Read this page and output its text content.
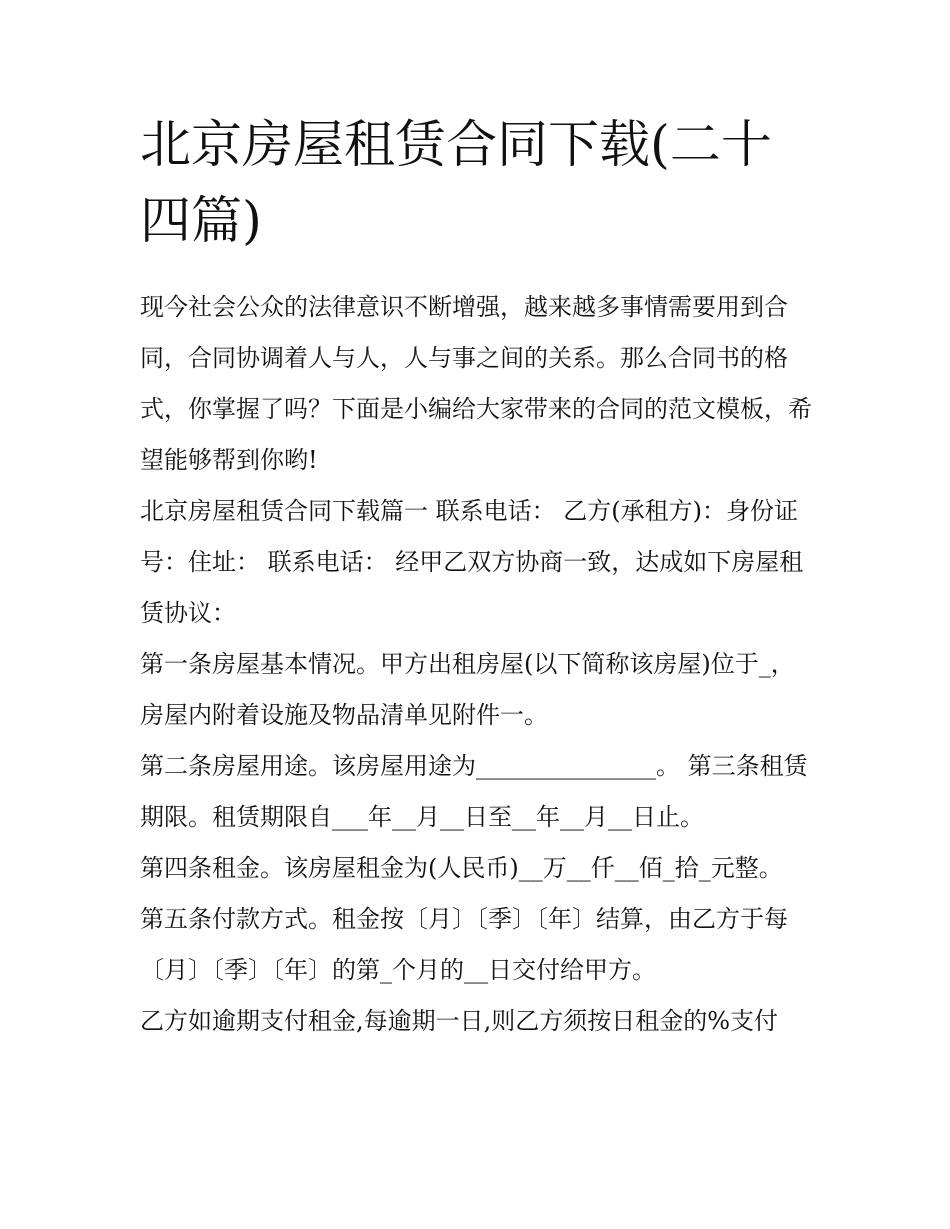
北京房屋租赁合同下载(二十四篇)

现今社会公众的法律意识不断增强，越来越多事情需要用到合同，合同协调着人与人，人与事之间的关系。那么合同书的格式，你掌握了吗？下面是小编给大家带来的合同的范文模板，希望能够帮到你哟!

北京房屋租赁合同下载篇一 联系电话： 乙方(承租方)：身份证号：住址： 联系电话： 经甲乙双方协商一致，达成如下房屋租赁协议：

第一条房屋基本情况。甲方出租房屋(以下简称该房屋)位于_，房屋内附着设施及物品清单见附件一。

第二条房屋用途。该房屋用途为_______________。 第三条租赁期限。租赁期限自___年__月__日至__年__月__日止。

第四条租金。该房屋租金为(人民币)__万__仟__佰_拾_元整。

第五条付款方式。租金按〔月〕〔季〕〔年〕结算，由乙方于每〔月〕〔季〕〔年〕的第_个月的__日交付给甲方。

乙方如逾期支付租金,每逾期一日,则乙方须按日租金的%支付
